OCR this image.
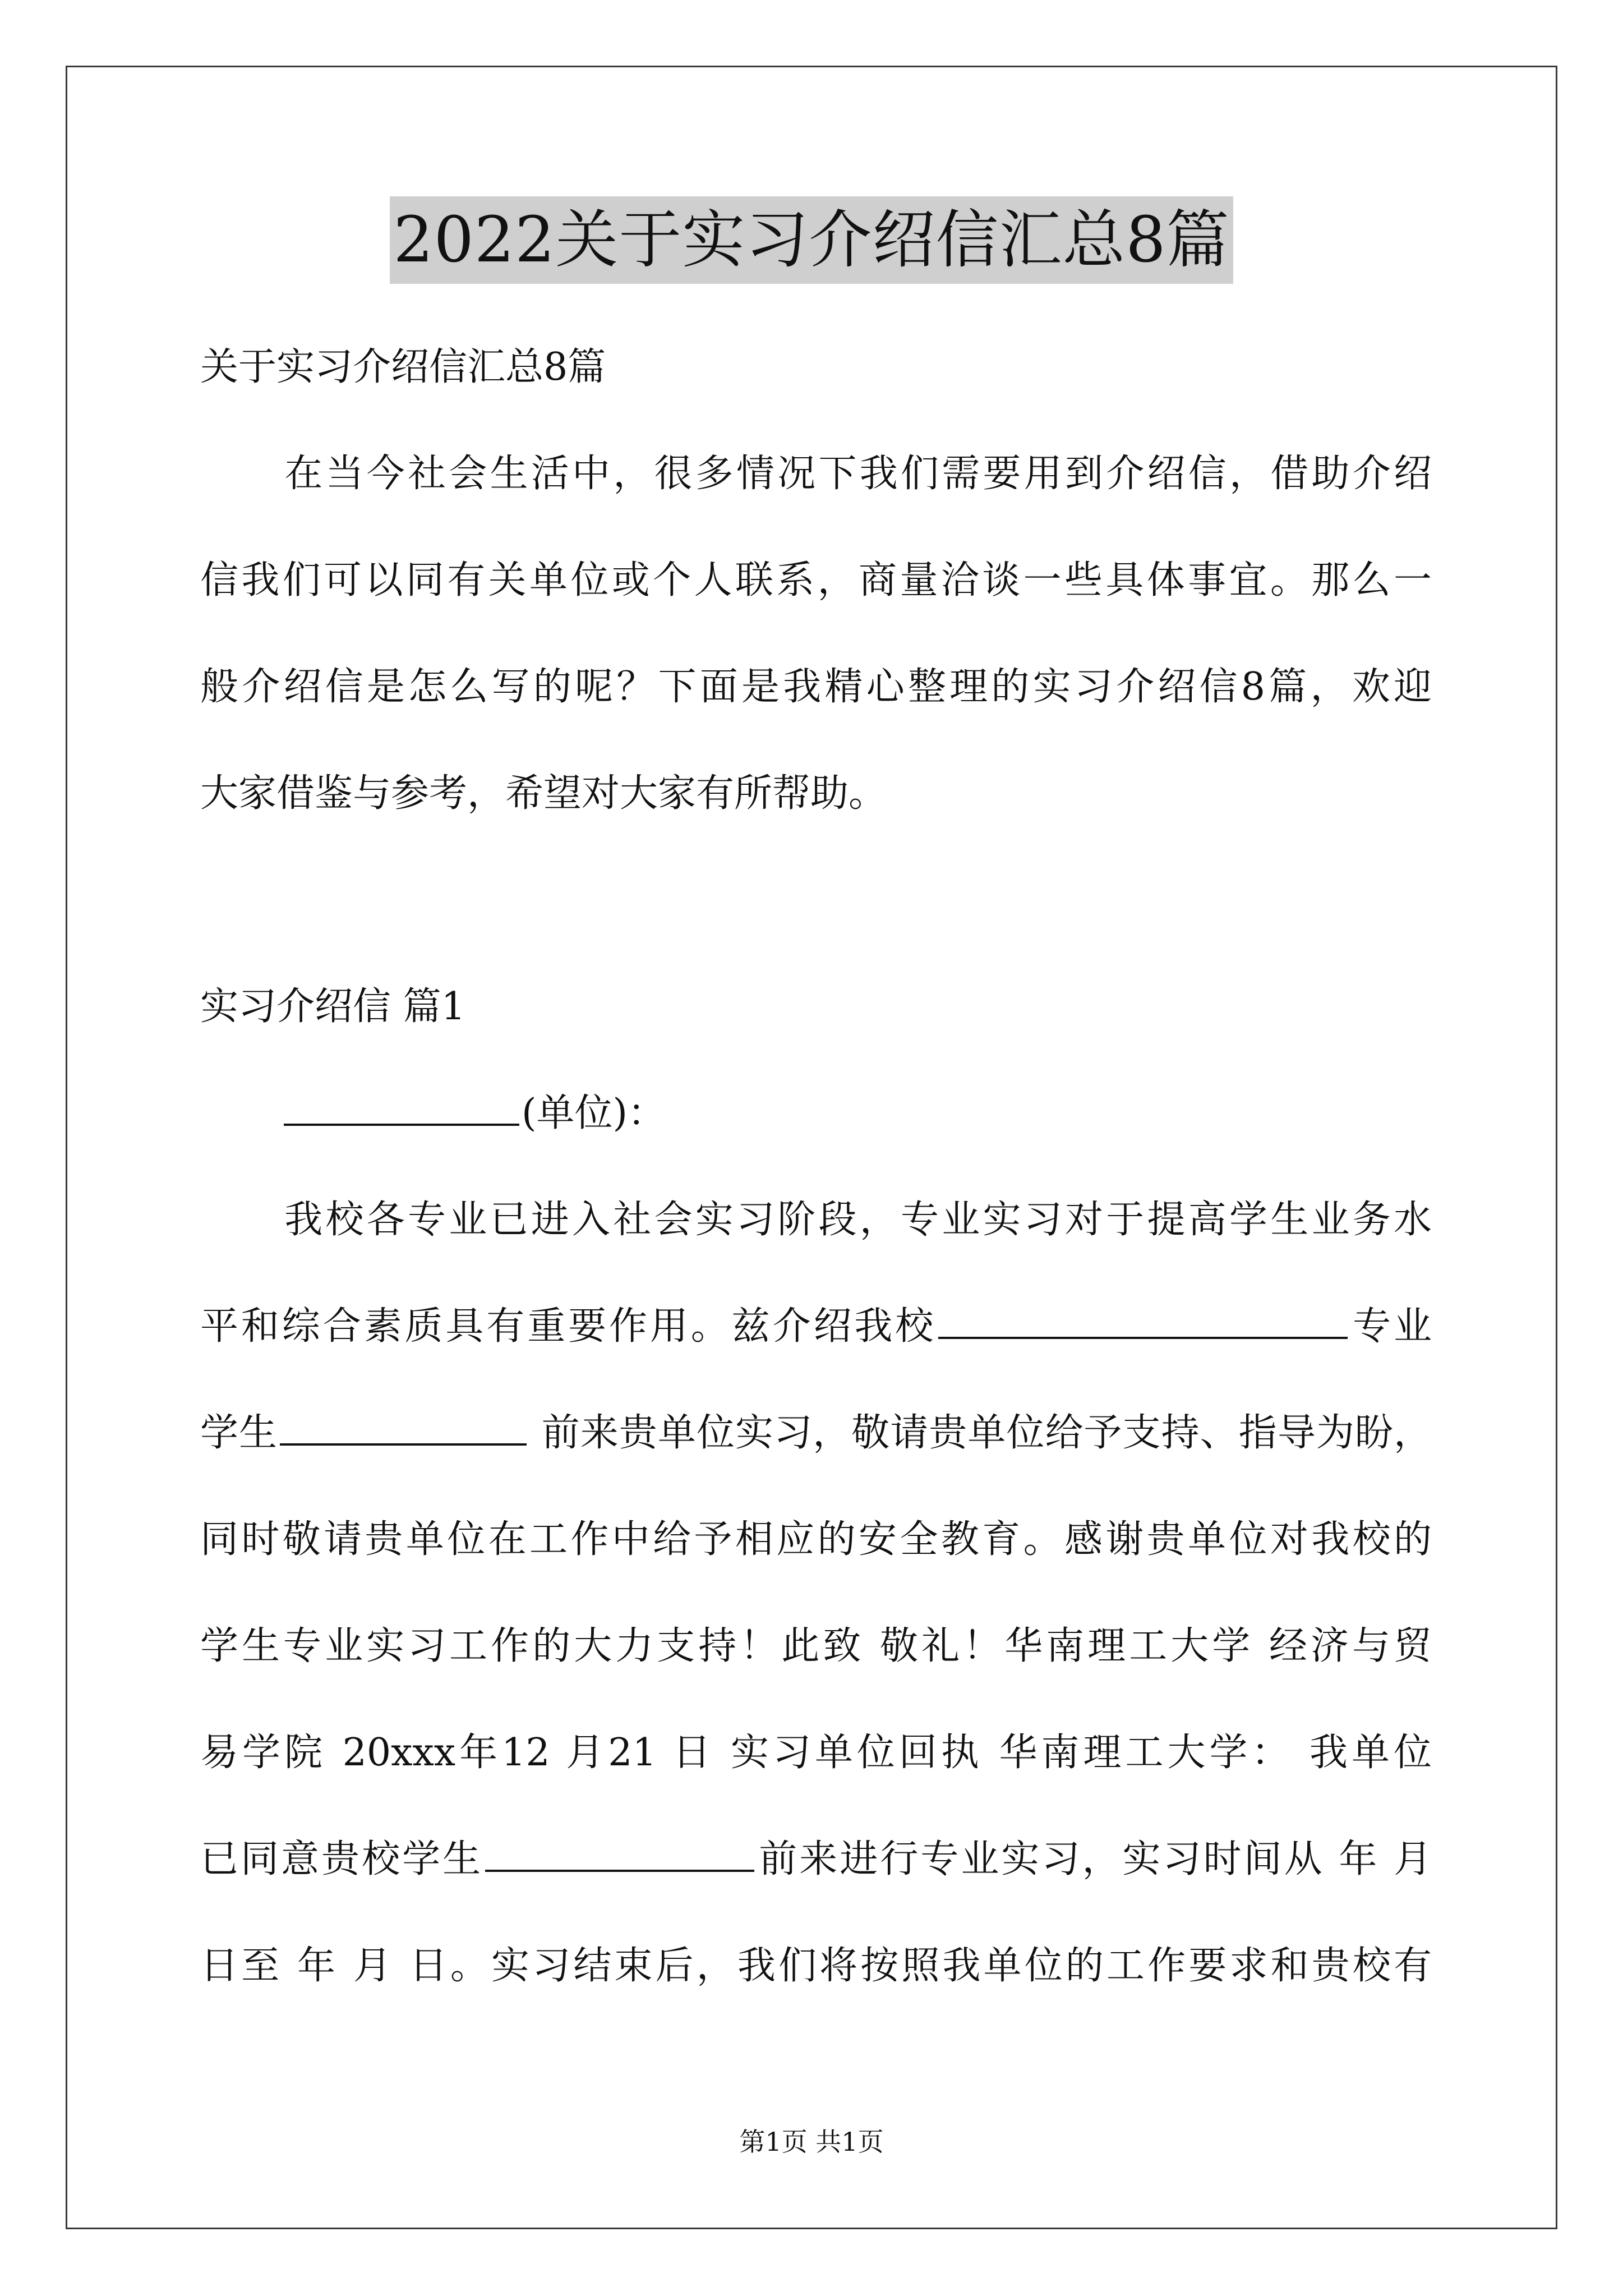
2022关于实习介绍信汇总8篇
关于实习介绍信汇总8篇
在当今社会生活中，很多情况下我们需要用到介绍信，借助介绍
信我们可以同有关单位或个人联系，商量洽谈一些具体事宜。那么一
般介绍信是怎么写的呢？下面是我精心整理的实习介绍信8篇，欢迎
大家借鉴与参考，希望对大家有所帮助。
实习介绍信 篇1
(单位)：
我校各专业已进入社会实习阶段，专业实习对于提高学生业务水
平和综合素质具有重要作用。兹介绍我校	专业
学生	前来贵单位实习，敬请贵单位给予支持、指导为盼，
同时敬请贵单位在工作中给予相应的安全教育。感谢贵单位对我校的
学生专业实习工作的大力支持！此致 敬礼！华南理工大学 经济与贸
易学院 20xxx年12 月21 日 实习单位回执 华南理工大学： 我单位
已同意贵校学生	前来进行专业实习，实习时间从 年 月
日至 年 月 日。实习结束后，我们将按照我单位的工作要求和贵校有
第1页 共1页
